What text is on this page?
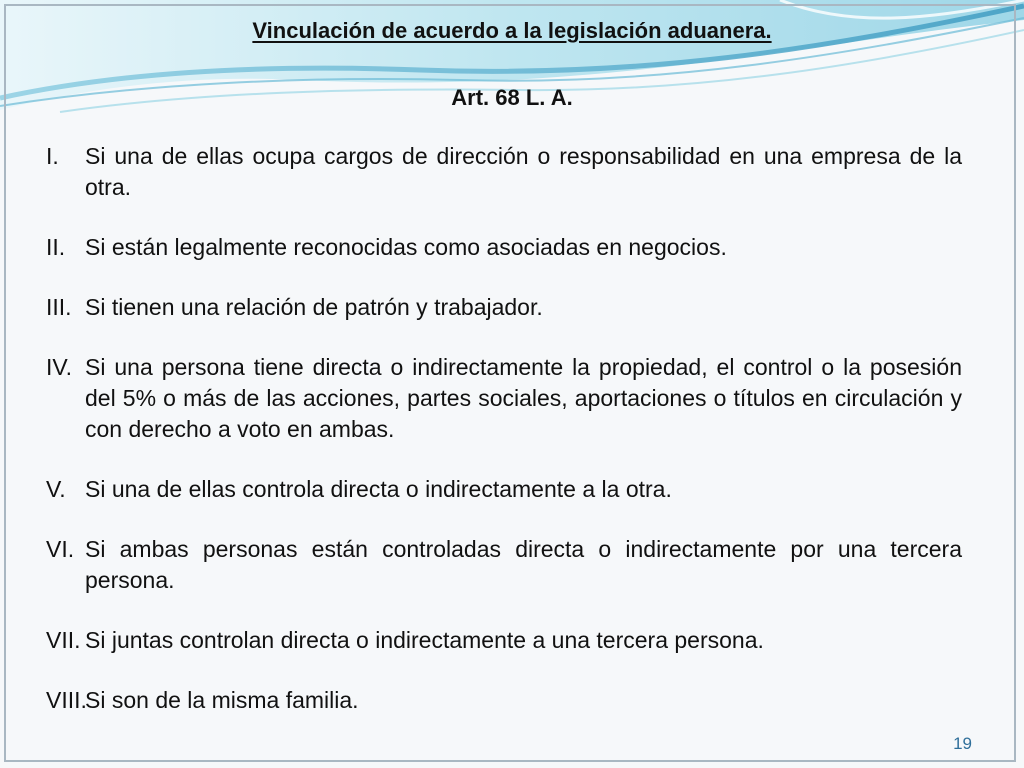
Vinculación de acuerdo a la legislación aduanera.
Art. 68 L. A.
I. Si una de ellas ocupa cargos de dirección o responsabilidad en una empresa de la otra.
II. Si están legalmente reconocidas como asociadas en negocios.
III. Si tienen una relación de patrón y trabajador.
IV. Si una persona tiene directa o indirectamente la propiedad, el control o la posesión del 5% o más de las acciones, partes sociales, aportaciones o títulos en circulación y con derecho a voto en ambas.
V. Si una de ellas controla directa o indirectamente a la otra.
VI. Si ambas personas están controladas directa o indirectamente por una tercera persona.
VII. Si juntas controlan directa o indirectamente a una tercera persona.
VIII.
Si son de la misma familia.
19
